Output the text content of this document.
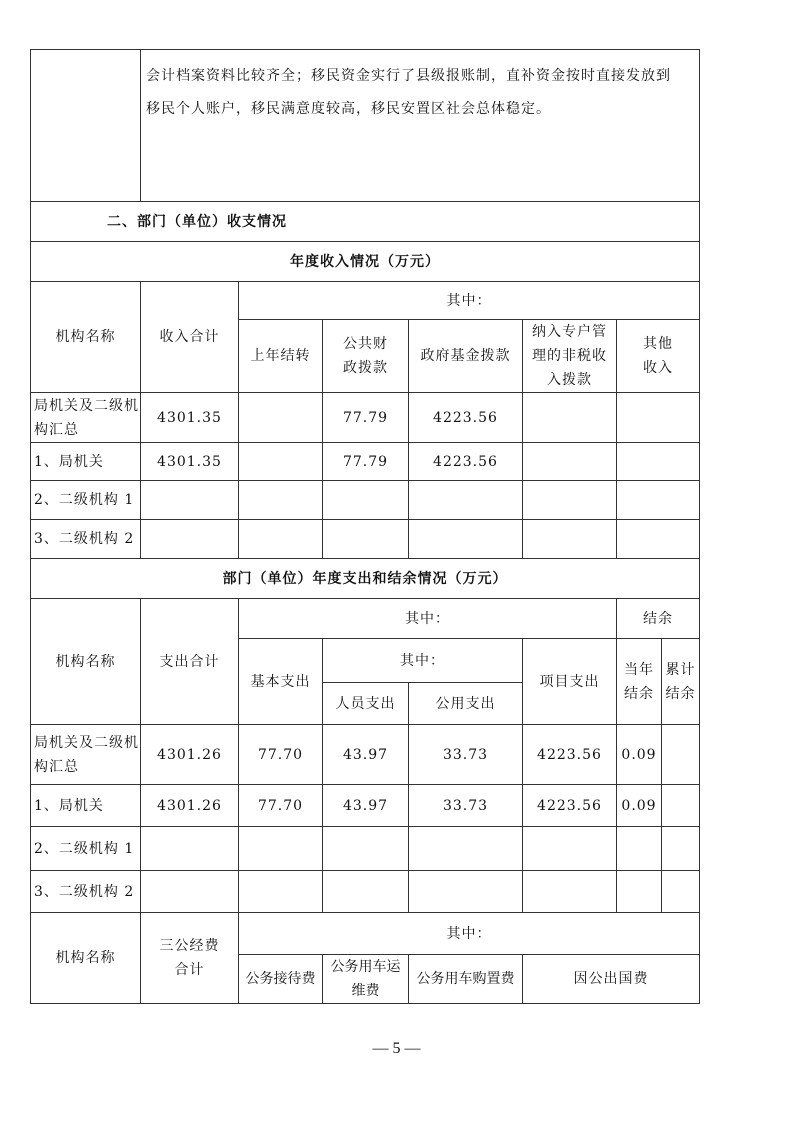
	会计档案资料比较齐全；移民资金实行了县级报账制，直补资金按时直接发放到
移民个人账户，移民满意度较高，移民安置区社会总体稳定。						

二、部门（单位）收支情况							
年度收入情况（万元）							
机构名称	收入合计	其中：					
		上年结转	公共财政拨款	政府基金拨款	纳入专户管理的非税收入拨款	其他收入	
局机关及二级机构汇总	4301.35		77.79	4223.56			
1、局机关	4301.35		77.79	4223.56			
2、二级机构 1							
3、二级机构 2							
部门（单位）年度支出和结余情况（万元）							
机构名称	支出合计	其中：				结余	
		基本支出	其中：		项目支出	当年结余	累计结余
			人员支出	公用支出			
局机关及二级机构汇总	4301.26	77.70	43.97	33.73	4223.56	0.09	
1、局机关	4301.26	77.70	43.97	33.73	4223.56	0.09	
2、二级机构 1							
3、二级机构 2							
机构名称	三公经费合计	其中：					
		公务接待费	公务用车运维费	公务用车购置费	因公出国费		
— 5 —
